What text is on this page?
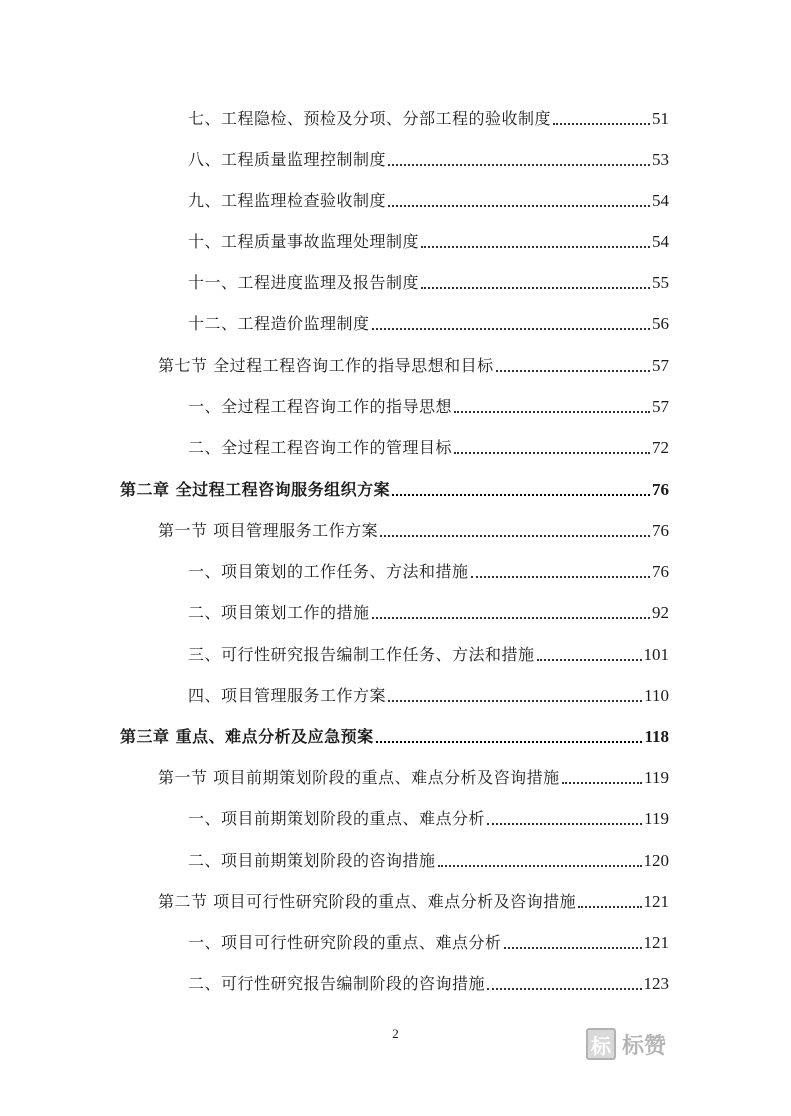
七、工程隐检、预检及分项、分部工程的验收制度	51
八、工程质量监理控制制度	53
九、工程监理检查验收制度	54
十、工程质量事故监理处理制度	54
十一、工程进度监理及报告制度	55
十二、工程造价监理制度	56
第七节 全过程工程咨询工作的指导思想和目标	57
一、全过程工程咨询工作的指导思想	57
二、全过程工程咨询工作的管理目标	72
第二章 全过程工程咨询服务组织方案	76
第一节 项目管理服务工作方案	76
一、项目策划的工作任务、方法和措施	76
二、项目策划工作的措施	92
三、可行性研究报告编制工作任务、方法和措施	101
四、项目管理服务工作方案	110
第三章 重点、难点分析及应急预案	118
第一节 项目前期策划阶段的重点、难点分析及咨询措施	119
一、项目前期策划阶段的重点、难点分析	119
二、项目前期策划阶段的咨询措施	120
第二节 项目可行性研究阶段的重点、难点分析及咨询措施	121
一、项目可行性研究阶段的重点、难点分析	121
二、可行性研究报告编制阶段的咨询措施	123
2	标 标赞
